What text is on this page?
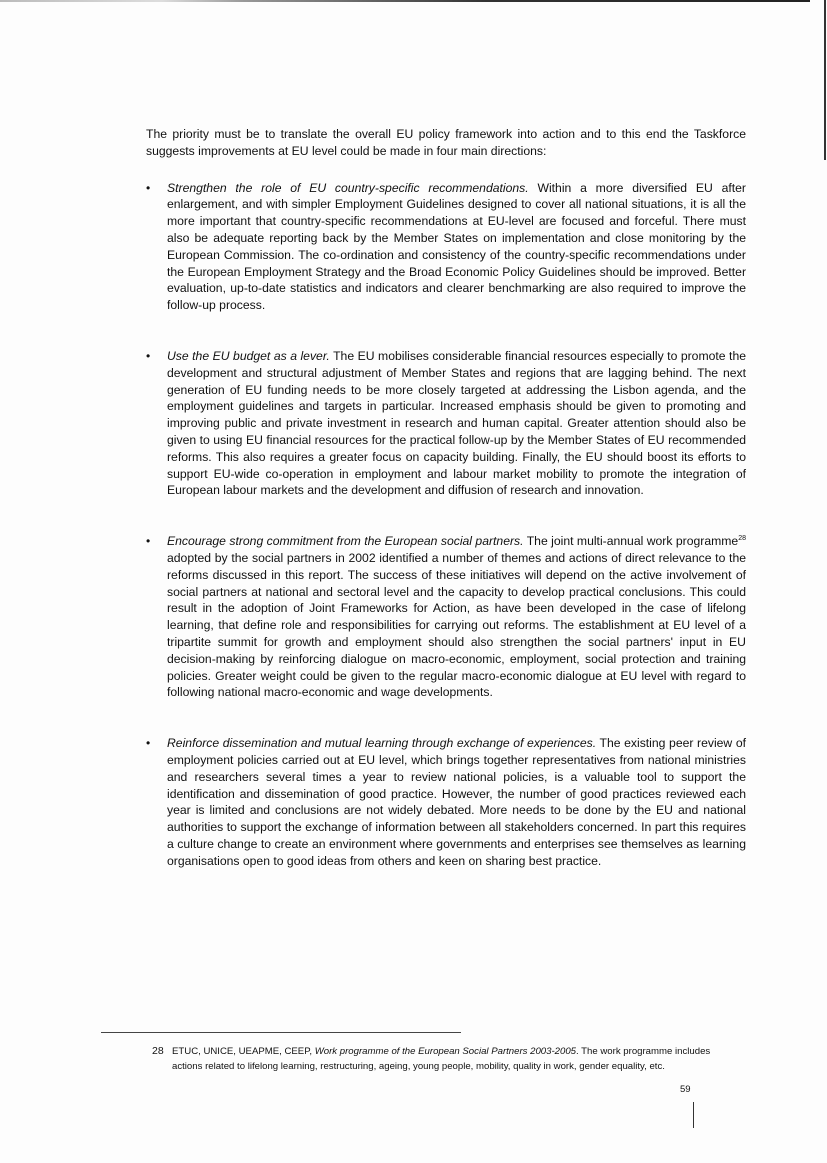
The priority must be to translate the overall EU policy framework into action and to this end the Taskforce suggests improvements at EU level could be made in four main directions:

• Strengthen the role of EU country-specific recommendations. Within a more diversified EU after enlargement, and with simpler Employment Guidelines designed to cover all national situations, it is all the more important that country-specific recommendations at EU-level are focused and forceful. There must also be adequate reporting back by the Member States on implementation and close monitoring by the European Commission. The co-ordination and consistency of the country-specific recommendations under the European Employment Strategy and the Broad Economic Policy Guidelines should be improved. Better evaluation, up-to-date statistics and indicators and clearer benchmarking are also required to improve the follow-up process.
• Use the EU budget as a lever. The EU mobilises considerable financial resources especially to promote the development and structural adjustment of Member States and regions that are lagging behind. The next generation of EU funding needs to be more closely targeted at addressing the Lisbon agenda, and the employment guidelines and targets in particular. Increased emphasis should be given to promoting and improving public and private investment in research and human capital. Greater attention should also be given to using EU financial resources for the practical follow-up by the Member States of EU recommended reforms. This also requires a greater focus on capacity building. Finally, the EU should boost its efforts to support EU-wide co-operation in employment and labour market mobility to promote the integration of European labour markets and the development and diffusion of research and innovation.
• Encourage strong commitment from the European social partners. The joint multi-annual work programme$^{28}$ adopted by the social partners in 2002 identified a number of themes and actions of direct relevance to the reforms discussed in this report. The success of these initiatives will depend on the active involvement of social partners at national and sectoral level and the capacity to develop practical conclusions. This could result in the adoption of Joint Frameworks for Action, as have been developed in the case of lifelong learning, that define role and responsibilities for carrying out reforms. The establishment at EU level of a tripartite summit for growth and employment should also strengthen the social partners' input in EU decision-making by reinforcing dialogue on macro-economic, employment, social protection and training policies. Greater weight could be given to the regular macro-economic dialogue at EU level with regard to following national macro-economic and wage developments.
• Reinforce dissemination and mutual learning through exchange of experiences. The existing peer review of employment policies carried out at EU level, which brings together representatives from national ministries and researchers several times a year to review national policies, is a valuable tool to support the identification and dissemination of good practice. However, the number of good practices reviewed each year is limited and conclusions are not widely debated. More needs to be done by the EU and national authorities to support the exchange of information between all stakeholders concerned. In part this requires a culture change to create an environment where governments and enterprises see themselves as learning organisations open to good ideas from others and keen on sharing best practice.
28 ETUC, UNICE, UEAPME, CEEP, Work programme of the European Social Partners 2003-2005. The work programme includes
actions related to lifelong learning, restructuring, ageing, young people, mobility, quality in work, gender equality, etc.
59
